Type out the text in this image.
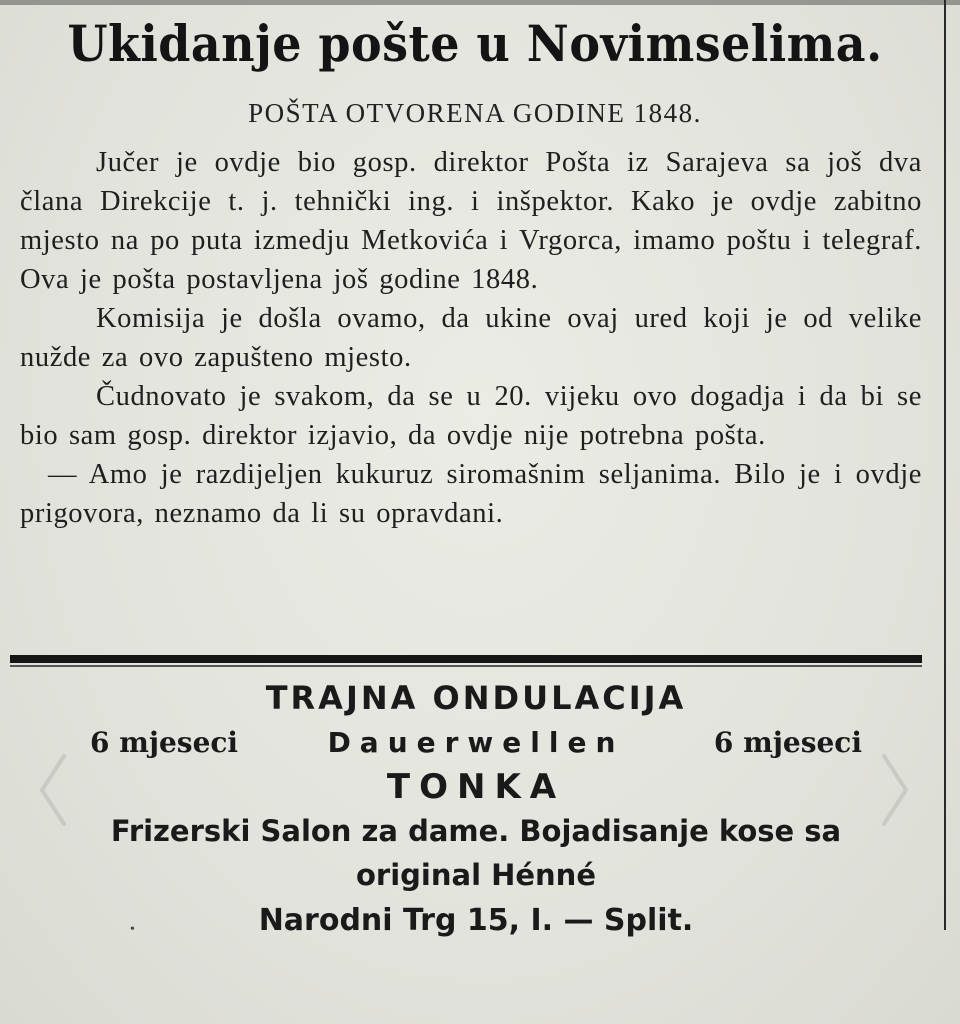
Ukidanje pošte u Novimselima.
POŠTA OTVORENA GODINE 1848.

Jučer je ovdje bio gosp. direktor Pošta iz Sarajeva sa još dva člana Direkcije t. j. tehnički ing. i inšpektor. Kako je ovdje zabitno mjesto na po puta izmedju Metkovića i Vrgorca, imamo poštu i telegraf. Ova je pošta postavljena još godine 1848.

Komisija je došla ovamo, da ukine ovaj ured koji je od velike nužde za ovo zapušteno mjesto.

Čudnovato je svakom, da se u 20. vijeku ovo dogadja i da bi se bio sam gosp. direktor izjavio, da ovdje nije potrebna pošta.

— Amo je razdijeljen kukuruz siromašnim seljanima. Bilo je i ovdje prigovora, neznamo da li su opravdani.

TRAJNA ONDULACIJA
6 mjeseci	Dauerwellen	6 mjeseci
TONKA
Frizerski Salon za dame. Bojadisanje kose sa
original Hénné
Narodni Trg 15, I. — Split.
•
